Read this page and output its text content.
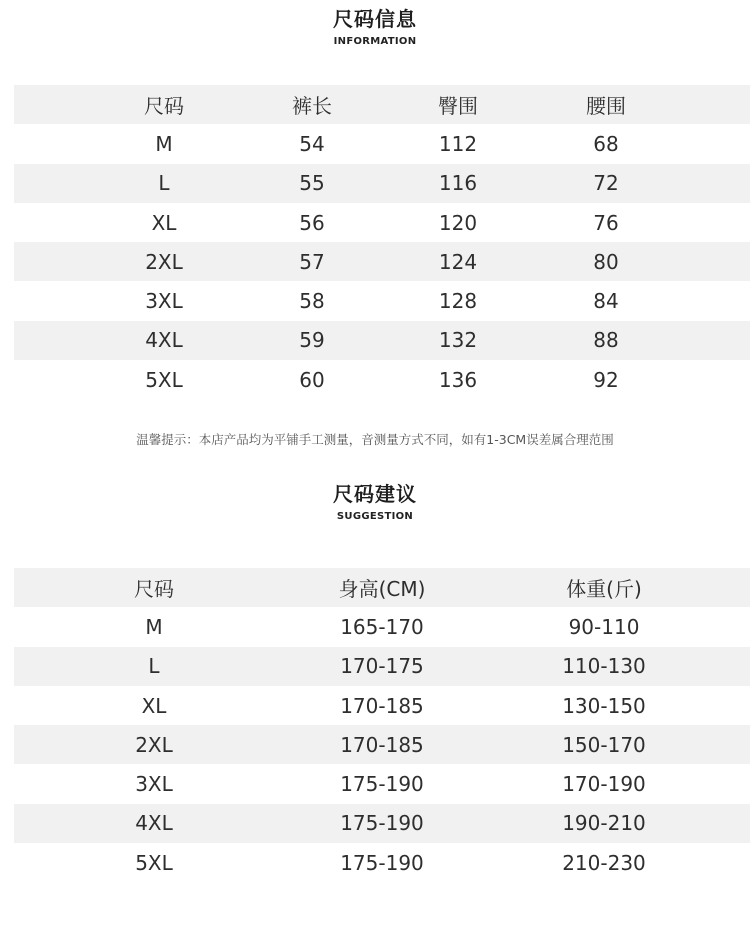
尺码信息
INFORMATION
尺码	裤长	臀围	腰围
M	54	112	68
L	55	116	72
XL	56	120	76
2XL	57	124	80
3XL	58	128	84
4XL	59	132	88
5XL	60	136	92
温馨提示：本店产品均为平铺手工测量，音测量方式不同，如有1-3CM误差属合理范围
尺码建议
SUGGESTION
尺码	身高(CM)	体重(斤)
M	165-170	90-110
L	170-175	110-130
XL	170-185	130-150
2XL	170-185	150-170
3XL	175-190	170-190
4XL	175-190	190-210
5XL	175-190	210-230
